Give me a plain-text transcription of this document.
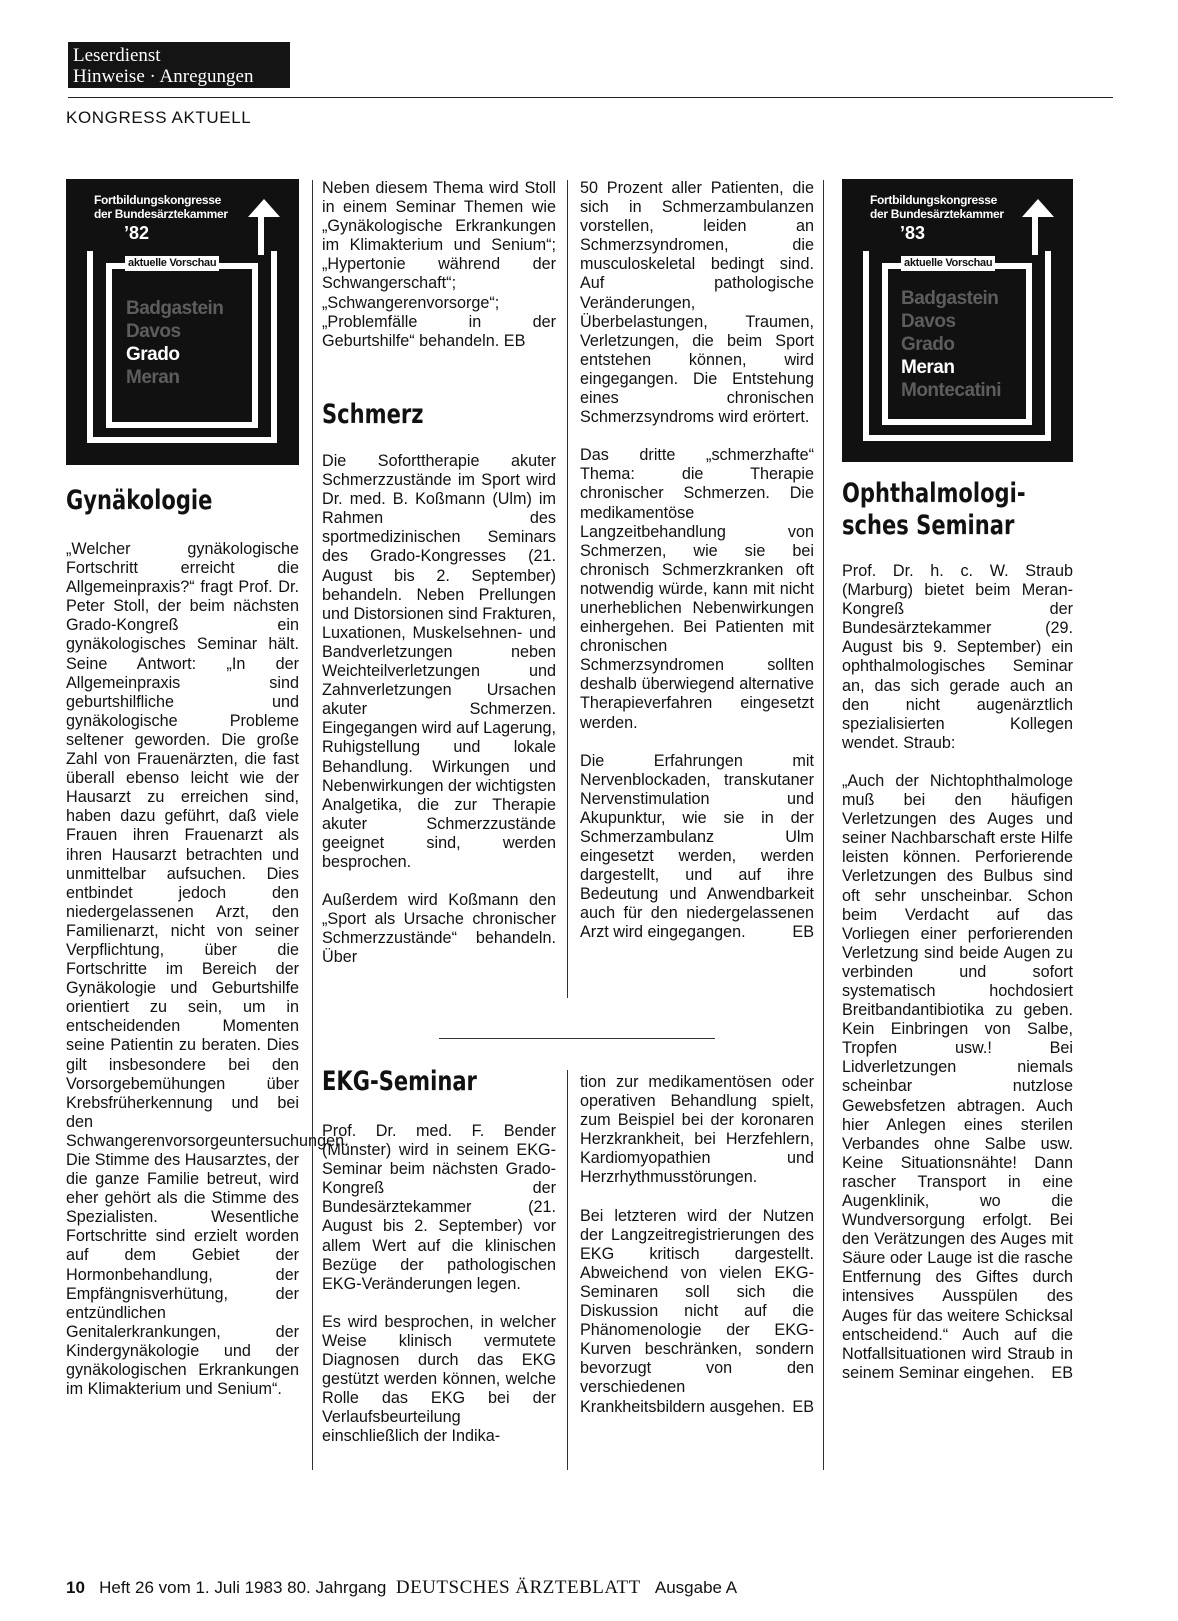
Leserdienst
Hinweise · Anregungen
KONGRESS AKTUELL
Fortbildungskongresse
der Bundesärztekammer
’82
aktuelle Vorschau
Badgastein
Davos
Grado
Meran
Fortbildungskongresse
der Bundesärztekammer
’83
aktuelle Vorschau
Badgastein
Davos
Grado
Meran
Montecatini
Gynäkologie

„Welcher gynäkologische Fortschritt erreicht die Allgemeinpraxis?“ fragt Prof. Dr. Peter Stoll, der beim nächsten Grado-Kongreß ein gynäkologisches Seminar hält. Seine Antwort: „In der Allgemeinpraxis sind geburtshilfliche und gynäkologische Probleme seltener geworden. Die große Zahl von Frauenärzten, die fast überall ebenso leicht wie der Hausarzt zu erreichen sind, haben dazu geführt, daß viele Frauen ihren Frauenarzt als ihren Hausarzt betrachten und unmittelbar aufsuchen. Dies entbindet jedoch den niedergelassenen Arzt, den Familienarzt, nicht von seiner Verpflichtung, über die Fortschritte im Bereich der Gynäkologie und Geburtshilfe orientiert zu sein, um in entscheidenden Momenten seine Patientin zu beraten. Dies gilt insbesondere bei den Vorsorgebemühungen über Krebsfrüherkennung und bei den Schwangerenvorsorgeuntersuchungen. Die Stimme des Hausarztes, der die ganze Familie betreut, wird eher gehört als die Stimme des Spezialisten. Wesentliche Fortschritte sind erzielt worden auf dem Gebiet der Hormonbehandlung, der Empfängnisverhütung, der entzündlichen Genitalerkrankungen, der Kindergynäkologie und der gynäkologischen Erkrankungen im Klimakterium und Senium“.

Neben diesem Thema wird Stoll in einem Seminar Themen wie „Gynäkologische Erkrankungen im Klimakterium und Senium“; „Hypertonie während der Schwangerschaft“; „Schwangerenvorsorge“; „Problemfälle in der Geburtshilfe“ behandeln. EB

Schmerz

Die Soforttherapie akuter Schmerzzustände im Sport wird Dr. med. B. Koßmann (Ulm) im Rahmen des sportmedizinischen Seminars des Grado-Kongresses (21. August bis 2. September) behandeln. Neben Prellungen und Distorsionen sind Frakturen, Luxationen, Muskelsehnen- und Bandverletzungen neben Weichteilverletzungen und Zahnverletzungen Ursachen akuter Schmerzen. Eingegangen wird auf Lagerung, Ruhigstellung und lokale Behandlung. Wirkungen und Nebenwirkungen der wichtigsten Analgetika, die zur Therapie akuter Schmerzzustände geeignet sind, werden besprochen.

Außerdem wird Koßmann den „Sport als Ursache chronischer Schmerzzustände“ behandeln. Über

50 Prozent aller Patienten, die sich in Schmerzambulanzen vorstellen, leiden an Schmerzsyndromen, die musculoskeletal bedingt sind. Auf pathologische Veränderungen, Überbelastungen, Traumen, Verletzungen, die beim Sport entstehen können, wird eingegangen. Die Entstehung eines chronischen Schmerzsyndroms wird erörtert.

Das dritte „schmerzhafte“ Thema: die Therapie chronischer Schmerzen. Die medikamentöse Langzeitbehandlung von Schmerzen, wie sie bei chronisch Schmerzkranken oft notwendig würde, kann mit nicht unerheblichen Nebenwirkungen einhergehen. Bei Patienten mit chronischen Schmerzsyndromen sollten deshalb überwiegend alternative Therapieverfahren eingesetzt werden.

Die Erfahrungen mit Nervenblockaden, transkutaner Nervenstimulation und Akupunktur, wie sie in der Schmerzambulanz Ulm eingesetzt werden, werden dargestellt, und auf ihre Bedeutung und Anwendbarkeit auch für den niedergelassenen Arzt wird eingegangen.	EB

EKG-Seminar

Prof. Dr. med. F. Bender (Münster) wird in seinem EKG-Seminar beim nächsten Grado-Kongreß der Bundesärztekammer (21. August bis 2. September) vor allem Wert auf die klinischen Bezüge der pathologischen EKG-Veränderungen legen.

Es wird besprochen, in welcher Weise klinisch vermutete Diagnosen durch das EKG gestützt werden können, welche Rolle das EKG bei der Verlaufsbeurteilung einschließlich der Indika-

tion zur medikamentösen oder operativen Behandlung spielt, zum Beispiel bei der koronaren Herzkrankheit, bei Herzfehlern, Kardiomyopathien und Herzrhythmusstörungen.

Bei letzteren wird der Nutzen der Langzeitregistrierungen des EKG kritisch dargestellt. Abweichend von vielen EKG-Seminaren soll sich die Diskussion nicht auf die Phänomenologie der EKG-Kurven beschränken, sondern bevorzugt von den verschiedenen Krankheitsbildern ausgehen. EB

Ophthalmologi-
sches Seminar

Prof. Dr. h. c. W. Straub (Marburg) bietet beim Meran-Kongreß der Bundesärztekammer (29. August bis 9. September) ein ophthalmologisches Seminar an, das sich gerade auch an den nicht augenärztlich spezialisierten Kollegen wendet. Straub:

„Auch der Nichtophthalmologe muß bei den häufigen Verletzungen des Auges und seiner Nachbarschaft erste Hilfe leisten können. Perforierende Verletzungen des Bulbus sind oft sehr unscheinbar. Schon beim Verdacht auf das Vorliegen einer perforierenden Verletzung sind beide Augen zu verbinden und sofort systematisch hochdosiert Breitbandantibiotika zu geben. Kein Einbringen von Salbe, Tropfen usw.! Bei Lidverletzungen niemals scheinbar nutzlose Gewebsfetzen abtragen. Auch hier Anlegen eines sterilen Verbandes ohne Salbe usw. Keine Situationsnähte! Dann rascher Transport in eine Augenklinik, wo die Wundversorgung erfolgt. Bei den Verätzungen des Auges mit Säure oder Lauge ist die rasche Entfernung des Giftes durch intensives Ausspülen des Auges für das weitere Schicksal entscheidend.“ Auch auf die Notfallsituationen wird Straub in seinem Seminar eingehen. EB

10 Heft 26 vom 1. Juli 1983 80. Jahrgang DEUTSCHES ÄRZTEBLATT Ausgabe A
